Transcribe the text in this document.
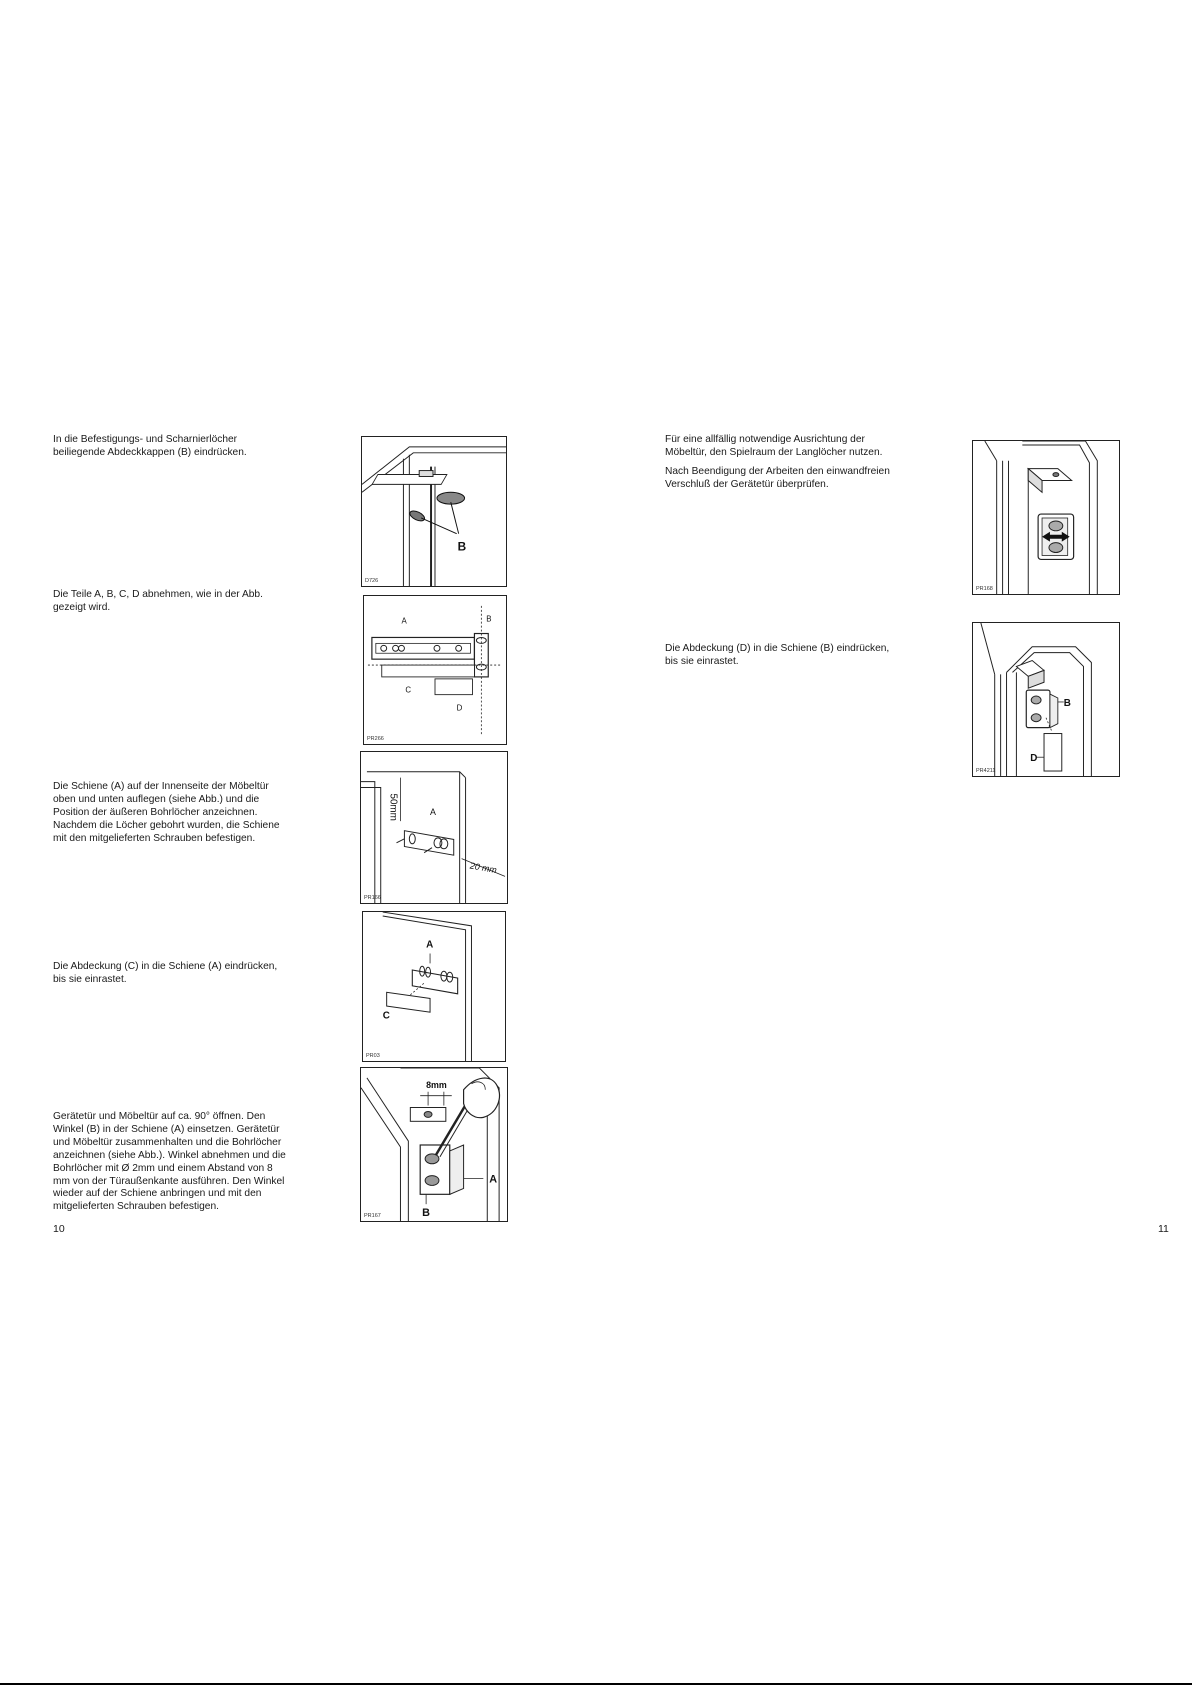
In die Befestigungs- und Scharnierlöcher
beiliegende Abdeckkappen (B) eindrücken.

Die Teile A, B, C, D abnehmen, wie in der Abb.
gezeigt wird.

Die Schiene (A) auf der Innenseite der Möbeltür
oben und unten auflegen (siehe Abb.) und die
Position der äußeren Bohrlöcher anzeichnen.
Nachdem die Löcher gebohrt wurden, die Schiene
mit den mitgelieferten Schrauben befestigen.

Die Abdeckung (C) in die Schiene (A) eindrücken,
bis sie einrastet.

Gerätetür und Möbeltür auf ca. 90° öffnen. Den
Winkel (B) in der Schiene (A) einsetzen. Gerätetür
und Möbeltür zusammenhalten und die Bohrlöcher
anzeichnen (siehe Abb.). Winkel abnehmen und die
Bohrlöcher mit Ø 2mm und einem Abstand von 8
mm von der Türaußenkante ausführen. Den Winkel
wieder auf der Schiene anbringen und mit den
mitgelieferten Schrauben befestigen.

10
B
D726
A	B
C
D
PR266
50mm	A
20 mm
PR166
A
C
PR03
8mm
A
B
PR167

Für eine allfällig notwendige Ausrichtung der
Möbeltür, den Spielraum der Langlöcher nutzen.

Nach Beendigung der Arbeiten den einwandfreien
Verschluß der Gerätetür überprüfen.

Die Abdeckung (D) in die Schiene (B) eindrücken,
bis sie einrastet.

11
PR168
B
D
PR4211
